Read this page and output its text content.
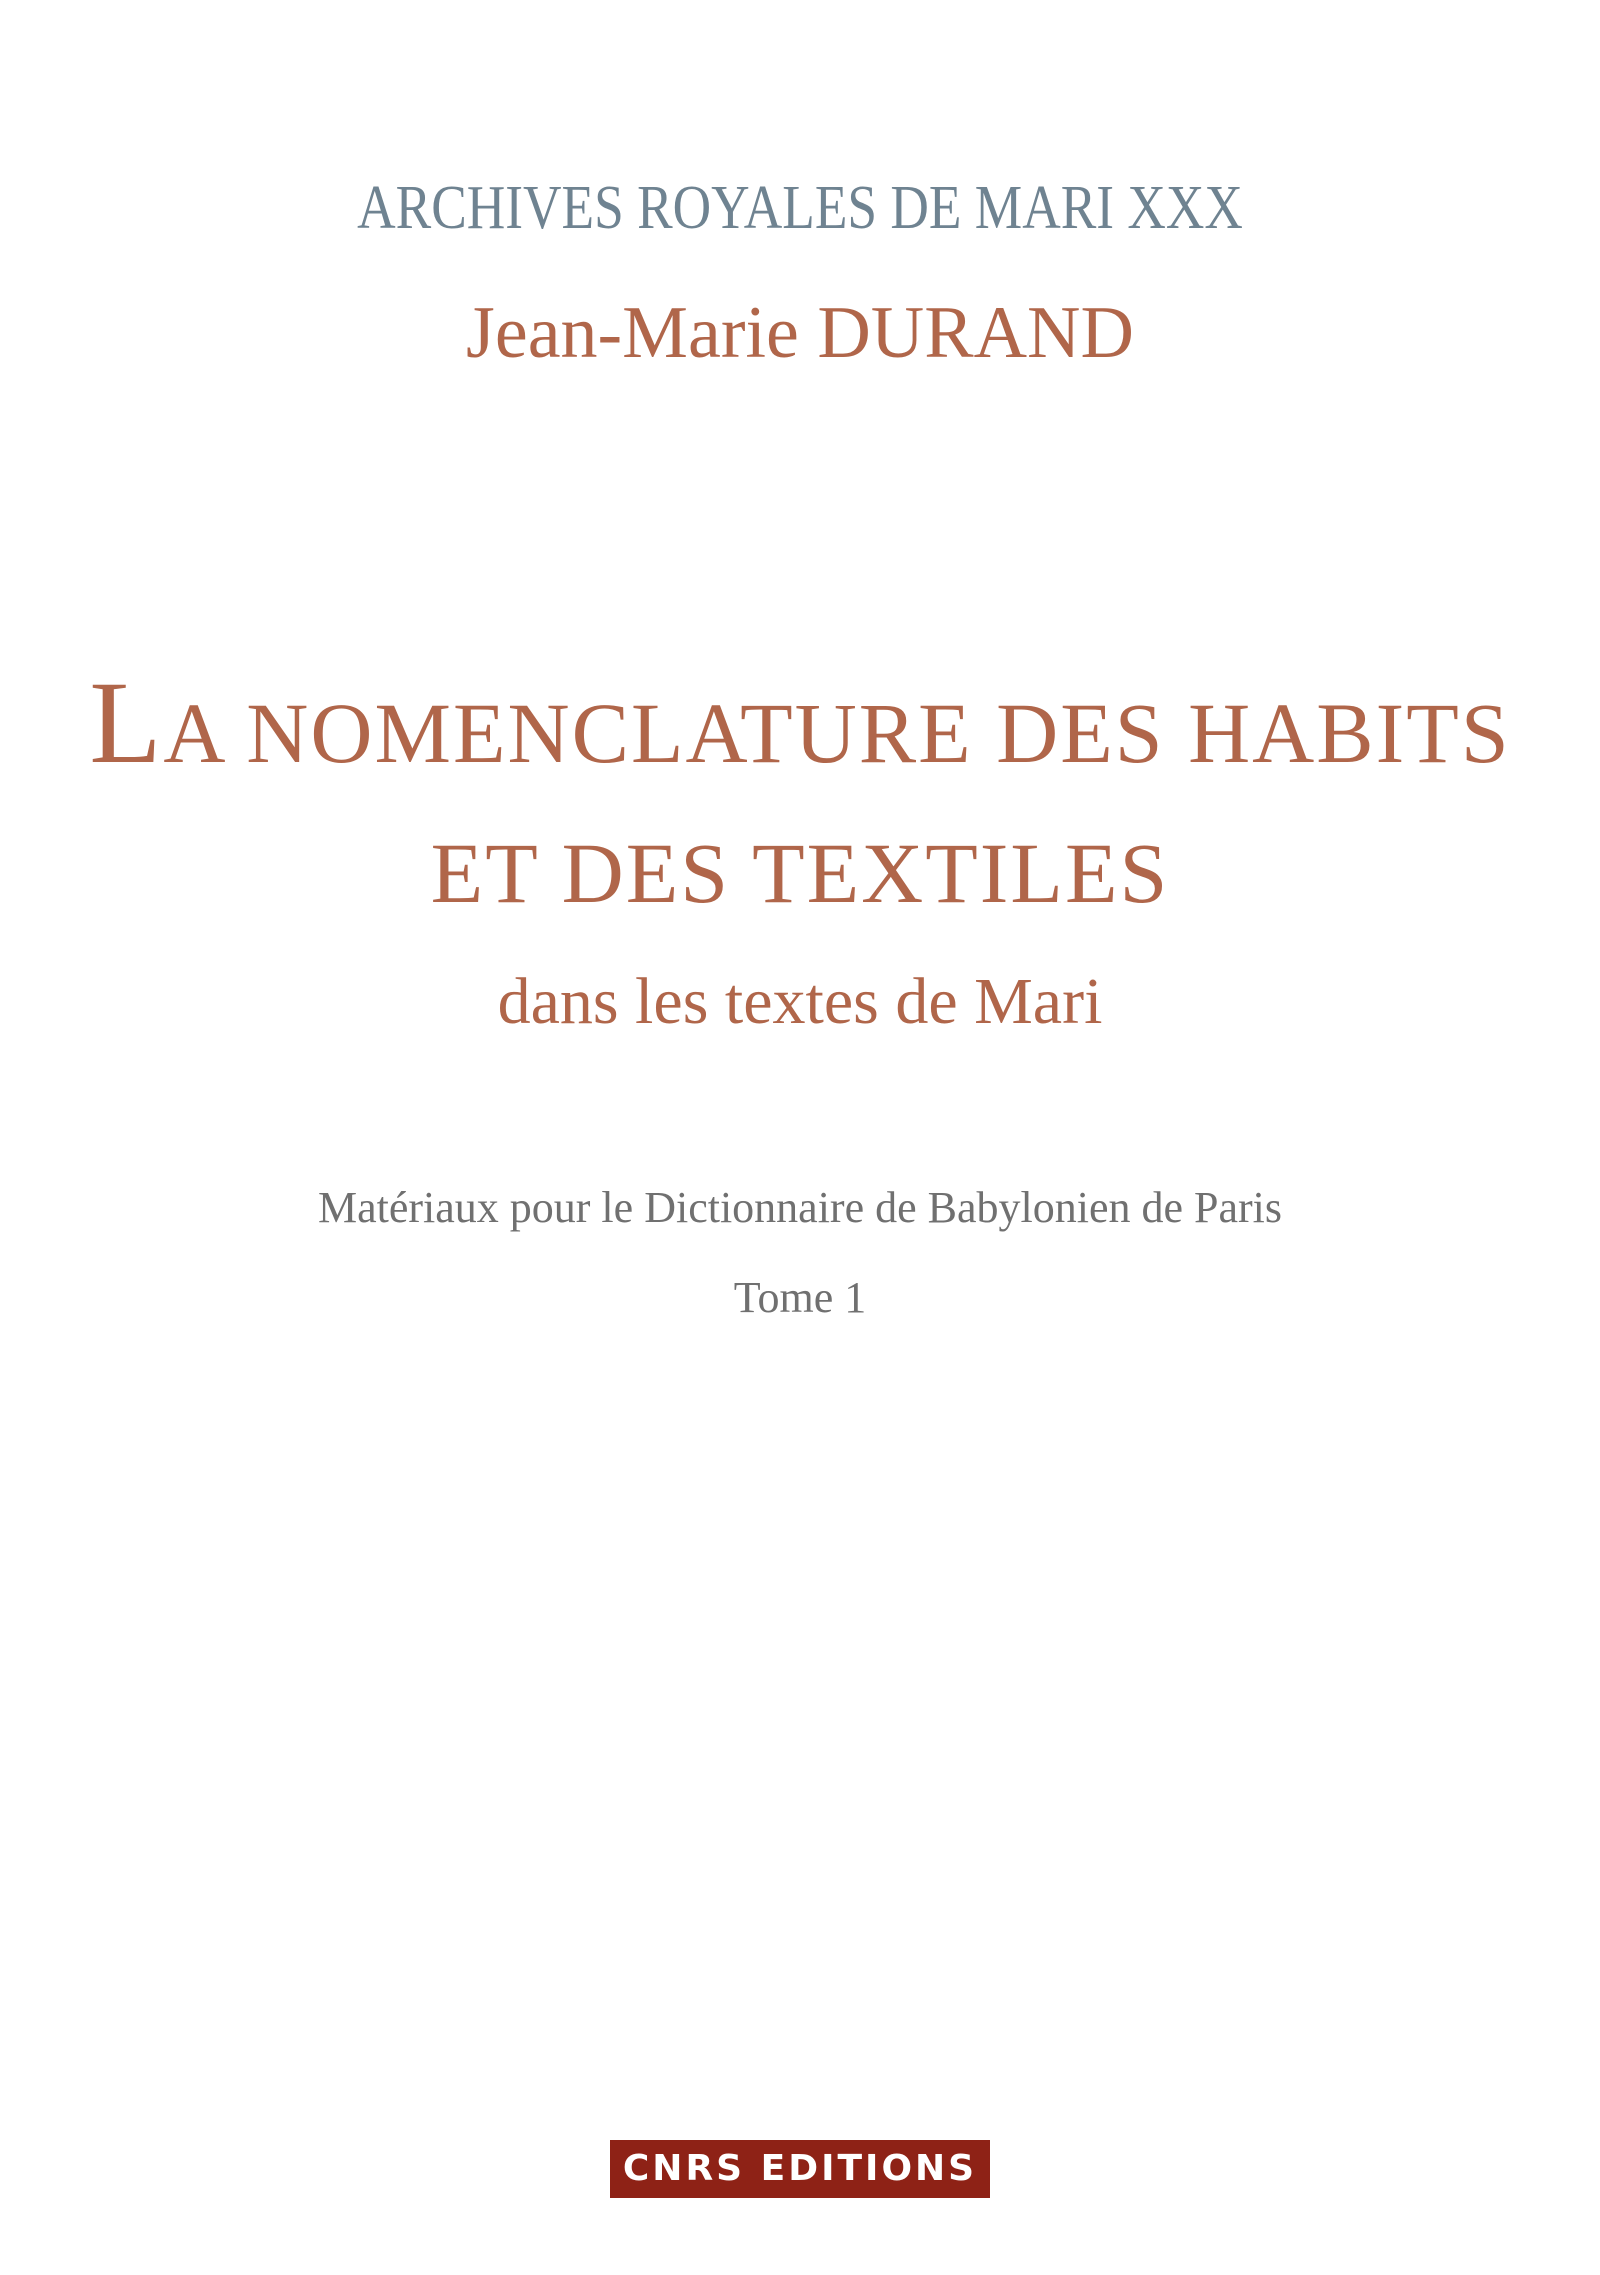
ARCHIVES ROYALES DE MARI XXX
Jean-Marie DURAND
LA NOMENCLATURE DES HABITS
ET DES TEXTILES
dans les textes de Mari
Matériaux pour le Dictionnaire de Babylonien de Paris
Tome 1
CNRS EDITIONS
